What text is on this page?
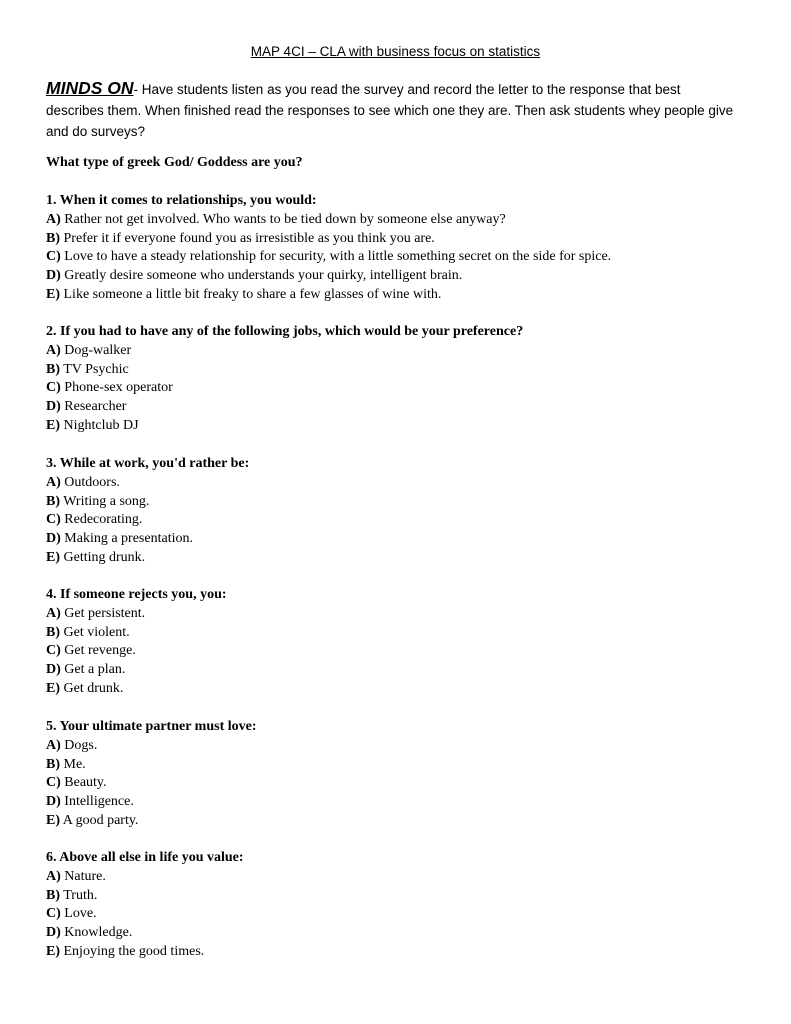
MAP 4CI – CLA with business focus on statistics
MINDS ON- Have students listen as you read the survey and record the letter to the response that best describes them. When finished read the responses to see which one they are. Then ask students whey people give and do surveys?
What type of greek God/ Goddess are you?
1. When it comes to relationships, you would:
A) Rather not get involved. Who wants to be tied down by someone else anyway?
B) Prefer it if everyone found you as irresistible as you think you are.
C) Love to have a steady relationship for security, with a little something secret on the side for spice.
D) Greatly desire someone who understands your quirky, intelligent brain.
E) Like someone a little bit freaky to share a few glasses of wine with.
2. If you had to have any of the following jobs, which would be your preference?
A) Dog-walker
B) TV Psychic
C) Phone-sex operator
D) Researcher
E) Nightclub DJ
3. While at work, you'd rather be:
A) Outdoors.
B) Writing a song.
C) Redecorating.
D) Making a presentation.
E) Getting drunk.
4. If someone rejects you, you:
A) Get persistent.
B) Get violent.
C) Get revenge.
D) Get a plan.
E) Get drunk.
5. Your ultimate partner must love:
A) Dogs.
B) Me.
C) Beauty.
D) Intelligence.
E) A good party.
6. Above all else in life you value:
A) Nature.
B) Truth.
C) Love.
D) Knowledge.
E) Enjoying the good times.
